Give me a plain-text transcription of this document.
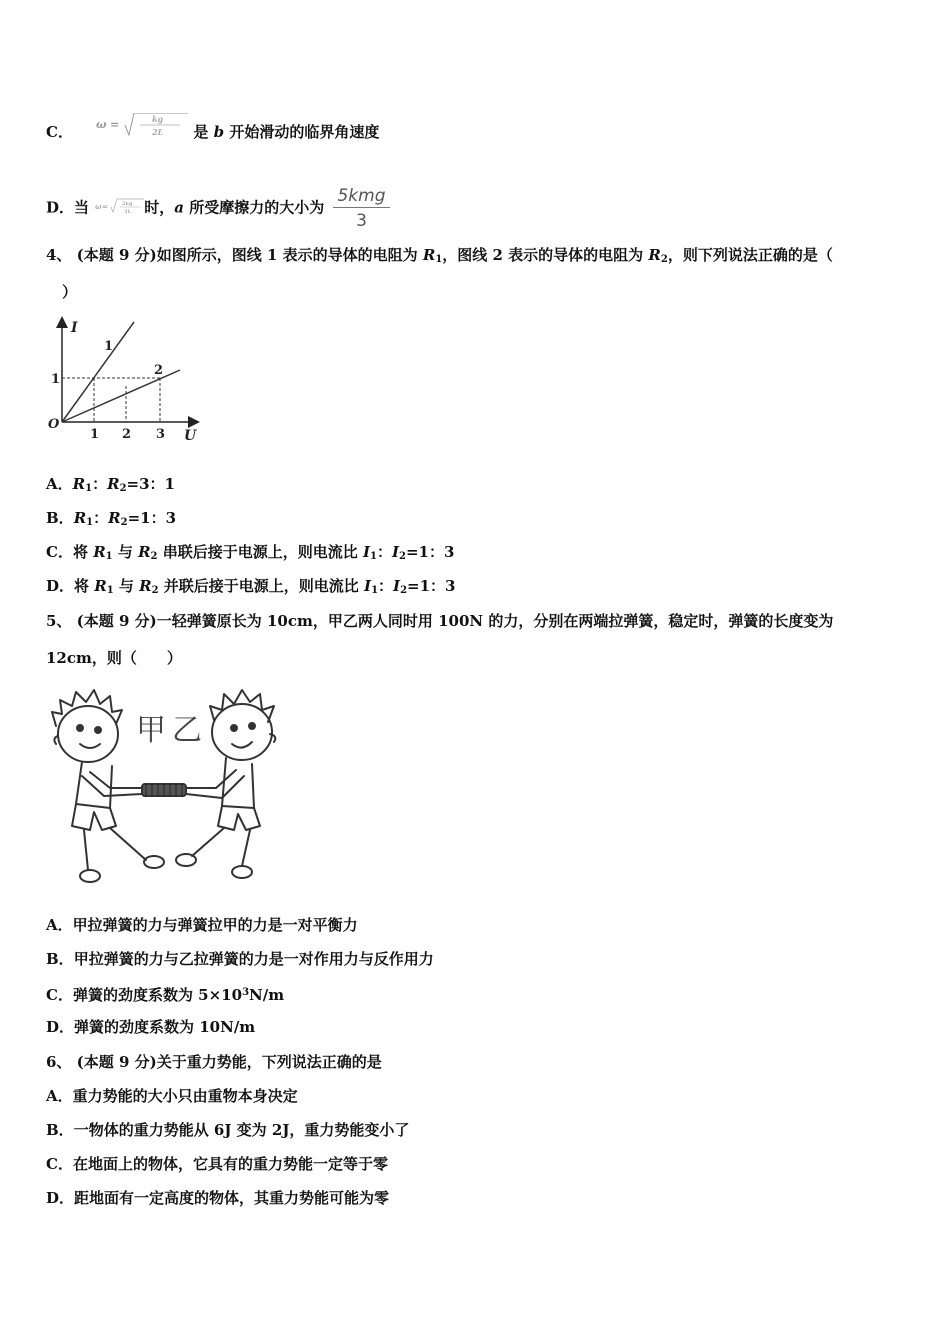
C． ω =	kg
2L 是 b 开始滑动的临界角速度
D．当 ω =	2kg
3L 时，a 所受摩擦力的大小为 $\frac{\text{5kmg}}{3}$
4、 (本题 9 分)如图所示，图线 1 表示的导体的电阻为 $R_1$，图线 2 表示的导体的电阻为 $R_2$，则下列说法正确的是（
）
I
U
O
1 2 3
1
1
2
A．$R_1$：$R_2=3$：1
B．$R_1$：$R_2=1$：3
C．将 $R_1$ 与 $R_2$ 串联后接于电源上，则电流比 $I_1$：$I_2=1$：3
D．将 $R_1$ 与 $R_2$ 并联后接于电源上，则电流比 $I_1$：$I_2=1$：3
5、 (本题 9 分)一轻弹簧原长为 10cm，甲乙两人同时用 100N 的力，分别在两端拉弹簧，稳定时，弹簧的长度变为
12cm，则（　　）
甲 乙
A．甲拉弹簧的力与弹簧拉甲的力是一对平衡力
B．甲拉弹簧的力与乙拉弹簧的力是一对作用力与反作用力
C．弹簧的劲度系数为 $5\times 10^3N/m$
D．弹簧的劲度系数为 10N/m
6、 (本题 9 分)关于重力势能，下列说法正确的是
A．重力势能的大小只由重物本身决定
B．一物体的重力势能从 6J 变为 2J，重力势能变小了
C．在地面上的物体，它具有的重力势能一定等于零
D．距地面有一定高度的物体，其重力势能可能为零
